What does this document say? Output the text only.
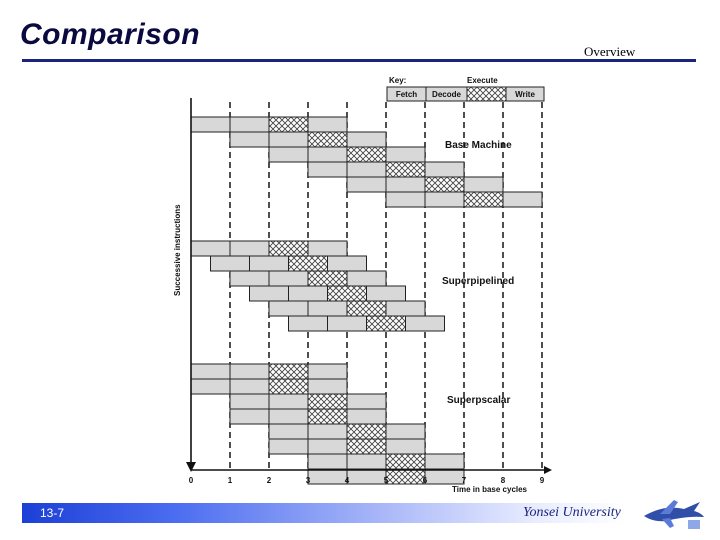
Comparison
Overview
0	1	2	3	4	5	6	7	8	9
Time in base cycles
Successive instructions
Key:	Execute
Fetch Decode	Write
Base Machine
Superpipelined
Superpscalar
13-7	Yonsei University
